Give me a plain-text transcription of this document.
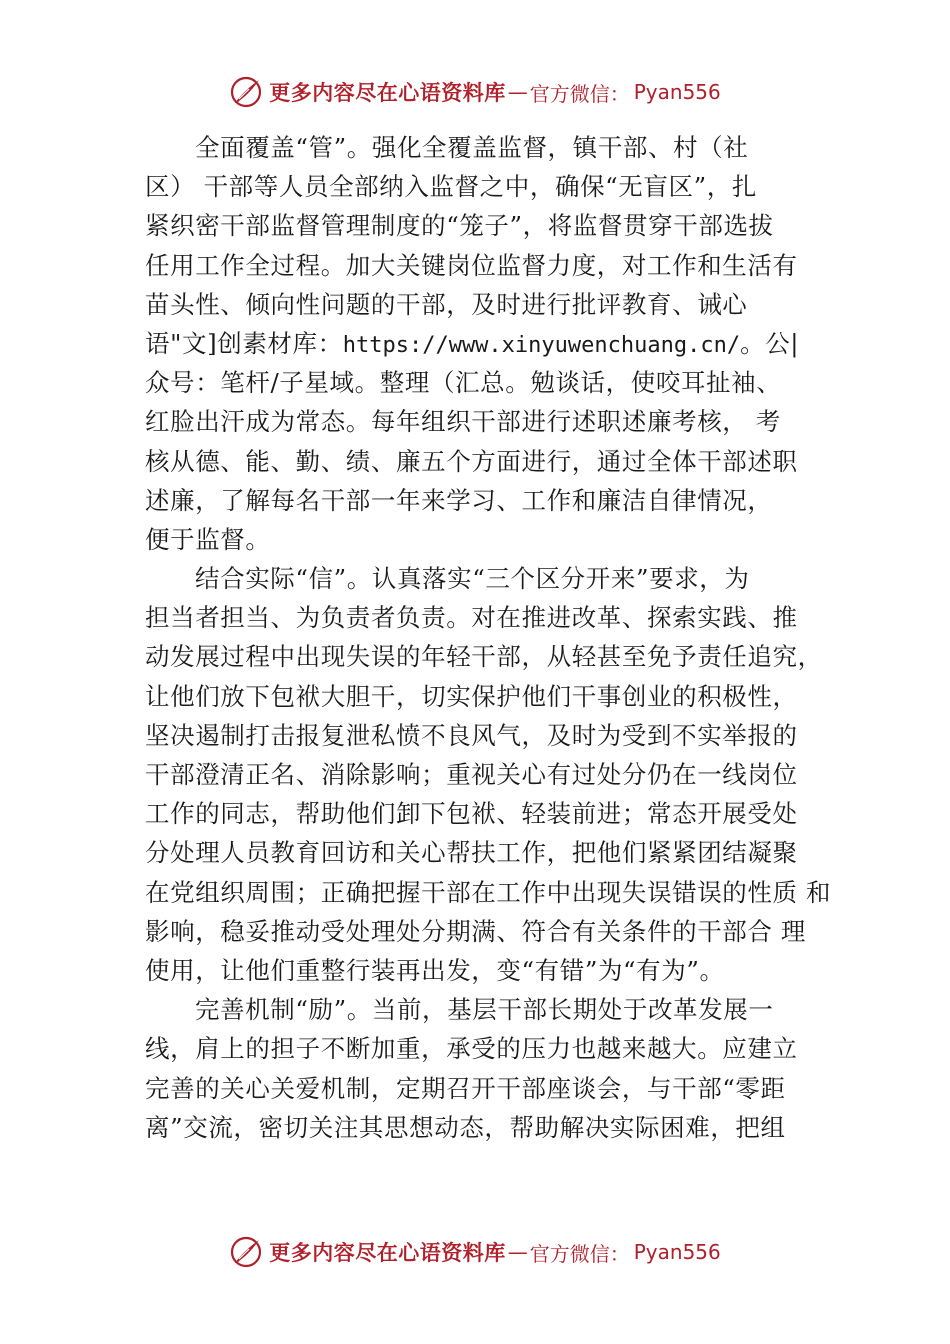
更多内容尽在心语资料库 — 官方微信： Pyan556
全面覆盖“管”。强化全覆盖监督，镇干部、村（社
区） 干部等人员全部纳入监督之中，确保“无盲区”，扎
紧织密干部监督管理制度的“笼子”，将监督贯穿干部选拔
任用工作全过程。加大关键岗位监督力度，对工作和生活有
苗头性、倾向性问题的干部，及时进行批评教育、诫心
语"文]创素材库：https://www.xinyuwenchuang.cn/。公|
众号：笔杆/子星域。整理（汇总。勉谈话，使咬耳扯袖、
红脸出汗成为常态。每年组织干部进行述职述廉考核， 考
核从德、能、勤、绩、廉五个方面进行，通过全体干部述职
述廉，了解每名干部一年来学习、工作和廉洁自律情况，
便于监督。
结合实际“信”。认真落实“三个区分开来”要求，为
担当者担当、为负责者负责。对在推进改革、探索实践、推
动发展过程中出现失误的年轻干部，从轻甚至免予责任追究，
让他们放下包袱大胆干，切实保护他们干事创业的积极性，
坚决遏制打击报复泄私愤不良风气，及时为受到不实举报的
干部澄清正名、消除影响；重视关心有过处分仍在一线岗位
工作的同志，帮助他们卸下包袱、轻装前进；常态开展受处
分处理人员教育回访和关心帮扶工作，把他们紧紧团结凝聚
在党组织周围；正确把握干部在工作中出现失误错误的性质 和
影响，稳妥推动受处理处分期满、符合有关条件的干部合 理
使用，让他们重整行装再出发，变“有错”为“有为”。
完善机制“励”。当前，基层干部长期处于改革发展一
线，肩上的担子不断加重，承受的压力也越来越大。应建立
完善的关心关爱机制，定期召开干部座谈会，与干部“零距
离”交流，密切关注其思想动态，帮助解决实际困难，把组
更多内容尽在心语资料库 — 官方微信： Pyan556
